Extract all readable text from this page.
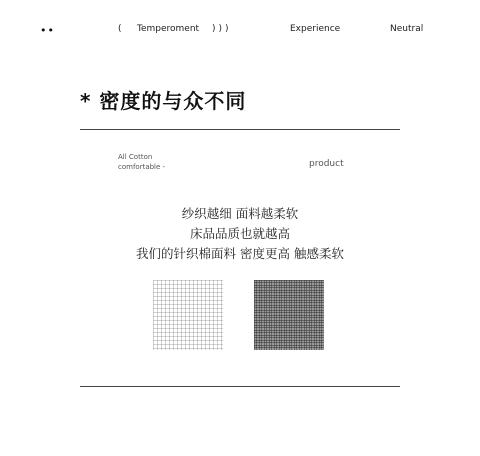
••	( Temperoment )))	Experience	Neutral
* 密度的与众不同
All Cotton
comfortable -	product
纱织越细 面料越柔软
床品品质也就越高
我们的针织棉面料 密度更高 触感柔软
